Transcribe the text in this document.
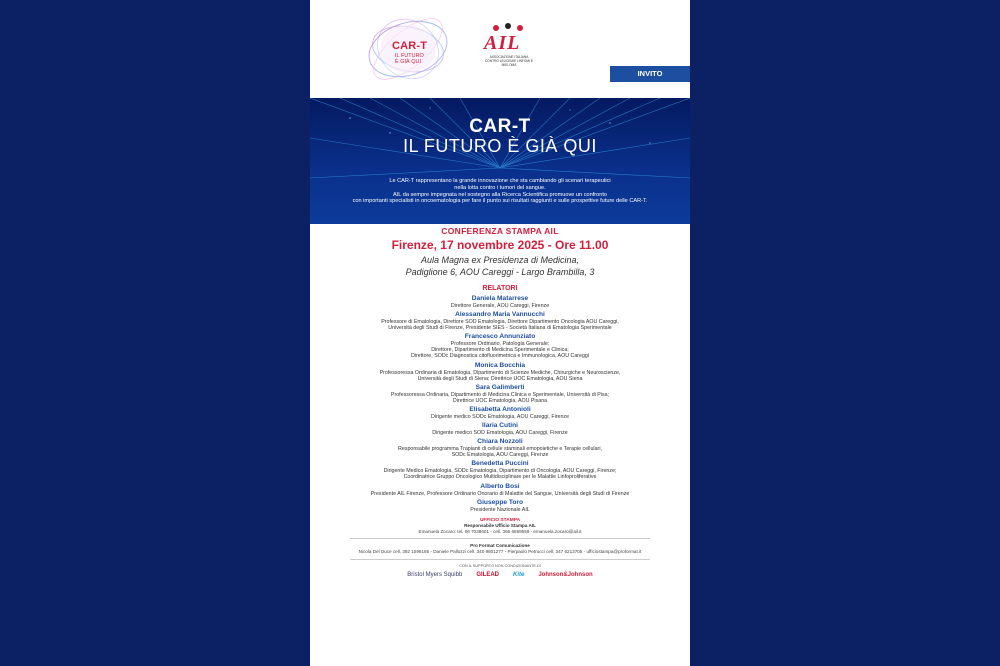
CAR-T
IL FUTURO
È GIÀ QUI
AIL
ASSOCIAZIONE ITALIANA CONTRO LEUCEMIE LINFOMI E MIELOMA
INVITO
CAR-T
IL FUTURO È GIÀ QUI
Le CAR-T rappresentano la grande innovazione che sta cambiando gli scenari terapeutici
nella lotta contro i tumori del sangue.
AIL da sempre impegnata nel sostegno alla Ricerca Scientifica promuove un confronto
con importanti specialisti in oncoematologia per fare il punto sui risultati raggiunti e sulle prospettive future delle CAR-T.
CONFERENZA STAMPA AIL
Firenze, 17 novembre 2025 - Ore 11.00
Aula Magna ex Presidenza di Medicina,
Padiglione 6, AOU Careggi - Largo Brambilla, 3
RELATORI
Daniela Matarrese
Direttore Generale, AOU Careggi, Firenze
Alessandro Maria Vannucchi
Professore di Ematologia, Direttore SOD Ematologia, Direttore Dipartimento Oncologia AOU Careggi,
Università degli Studi di Firenze, Presidente SIES - Società Italiana di Ematologia Sperimentale
Francesco Annunziato
Professore Ordinario, Patologia Generale;
Direttore, Dipartimento di Medicina Sperimentale e Clinica;
Direttore, SODc Diagnostica citofluorimetrica e Immunologica, AOU Careggi
Monica Bocchia
Professoressa Ordinaria di Ematologia, Dipartimento di Scienze Mediche, Chirurgiche e Neuroscienze,
Università degli Studi di Siena; Direttrice UOC Ematologia, AOU Siena
Sara Galimberti
Professoressa Ordinaria, Dipartimento di Medicina Clinica e Sperimentale, Università di Pisa;
Direttrice UOC Ematologia, AOU Pisana
Elisabetta Antonioli
Dirigente medico SODc Ematologia, AOU Careggi, Firenze
Ilaria Cutini
Dirigente medico SOD Ematologia, AOU Careggi, Firenze
Chiara Nozzoli
Responsabile programma Trapianti di cellule staminali emopoietiche e Terapie cellulari,
SODc Ematologia, AOU Careggi, Firenze
Benedetta Puccini
Dirigente Medico Ematologia, SODc Ematologia, Dipartimento di Oncologia, AOU Careggi, Firenze;
Coordinatrice Gruppo Oncologico Multidisciplinare per le Malattie Linfoproliferative
Alberto Bosi
Presidente AIL Firenze, Professore Ordinario Onorario di Malattie del Sangue, Università degli Studi di Firenze
Giuseppe Toro
Presidente Nazionale AIL
UFFICIO STAMPA
Responsabile Ufficio Stampa AIL
Emanuela Zocaro: tel. 06 7038601 - cell. 366 6869559 - emanuela.zocaro@ail.it
Pro Format Comunicazione
Nicola Del Duce cell. 392 1598186 - Daniele Pallozzi cell. 340 9801277 - Pierpaolo Petrucci cell. 347 6213705 - ufficiostampa@proformat.it
CON IL SUPPORTO NON CONDIZIONANTE DI
Bristol Myers Squibb GILEAD Kite Johnson&Johnson
